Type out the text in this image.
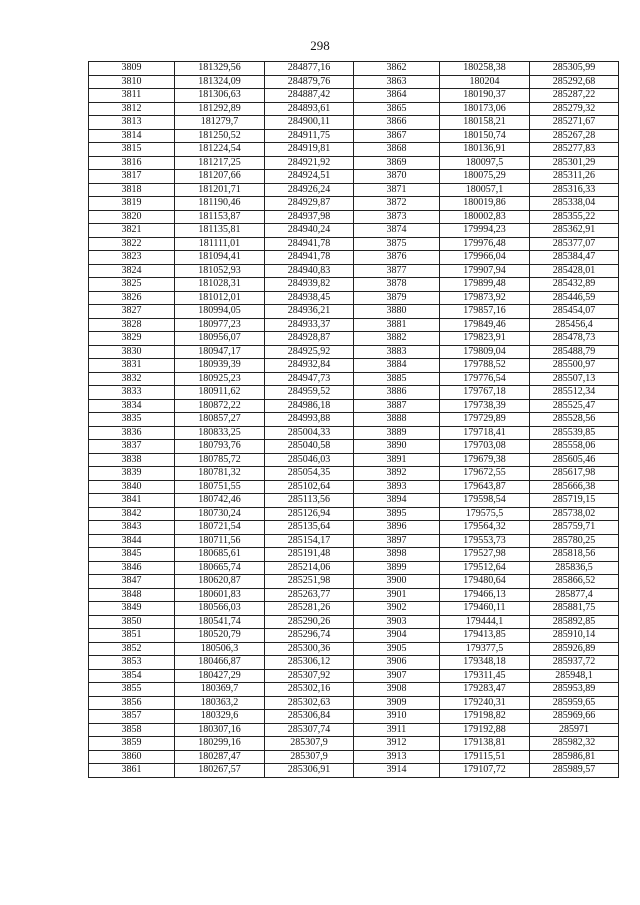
298
3809	181329,56	284877,16	3862	180258,38	285305,99
3810	181324,09	284879,76	3863	180204	285292,68
3811	181306,63	284887,42	3864	180190,37	285287,22
3812	181292,89	284893,61	3865	180173,06	285279,32
3813	181279,7	284900,11	3866	180158,21	285271,67
3814	181250,52	284911,75	3867	180150,74	285267,28
3815	181224,54	284919,81	3868	180136,91	285277,83
3816	181217,25	284921,92	3869	180097,5	285301,29
3817	181207,66	284924,51	3870	180075,29	285311,26
3818	181201,71	284926,24	3871	180057,1	285316,33
3819	181190,46	284929,87	3872	180019,86	285338,04
3820	181153,87	284937,98	3873	180002,83	285355,22
3821	181135,81	284940,24	3874	179994,23	285362,91
3822	181111,01	284941,78	3875	179976,48	285377,07
3823	181094,41	284941,78	3876	179966,04	285384,47
3824	181052,93	284940,83	3877	179907,94	285428,01
3825	181028,31	284939,82	3878	179899,48	285432,89
3826	181012,01	284938,45	3879	179873,92	285446,59
3827	180994,05	284936,21	3880	179857,16	285454,07
3828	180977,23	284933,37	3881	179849,46	285456,4
3829	180956,07	284928,87	3882	179823,91	285478,73
3830	180947,17	284925,92	3883	179809,04	285488,79
3831	180939,39	284932,84	3884	179788,52	285500,97
3832	180925,23	284947,73	3885	179776,54	285507,13
3833	180911,62	284959,52	3886	179767,18	285512,34
3834	180872,22	284986,18	3887	179738,39	285525,47
3835	180857,27	284993,88	3888	179729,89	285528,56
3836	180833,25	285004,33	3889	179718,41	285539,85
3837	180793,76	285040,58	3890	179703,08	285558,06
3838	180785,72	285046,03	3891	179679,38	285605,46
3839	180781,32	285054,35	3892	179672,55	285617,98
3840	180751,55	285102,64	3893	179643,87	285666,38
3841	180742,46	285113,56	3894	179598,54	285719,15
3842	180730,24	285126,94	3895	179575,5	285738,02
3843	180721,54	285135,64	3896	179564,32	285759,71
3844	180711,56	285154,17	3897	179553,73	285780,25
3845	180685,61	285191,48	3898	179527,98	285818,56
3846	180665,74	285214,06	3899	179512,64	285836,5
3847	180620,87	285251,98	3900	179480,64	285866,52
3848	180601,83	285263,77	3901	179466,13	285877,4
3849	180566,03	285281,26	3902	179460,11	285881,75
3850	180541,74	285290,26	3903	179444,1	285892,85
3851	180520,79	285296,74	3904	179413,85	285910,14
3852	180506,3	285300,36	3905	179377,5	285926,89
3853	180466,87	285306,12	3906	179348,18	285937,72
3854	180427,29	285307,92	3907	179311,45	285948,1
3855	180369,7	285302,16	3908	179283,47	285953,89
3856	180363,2	285302,63	3909	179240,31	285959,65
3857	180329,6	285306,84	3910	179198,82	285969,66
3858	180307,16	285307,74	3911	179192,88	285971
3859	180299,16	285307,9	3912	179138,81	285982,32
3860	180287,47	285307,9	3913	179115,51	285986,81
3861	180267,57	285306,91	3914	179107,72	285989,57
